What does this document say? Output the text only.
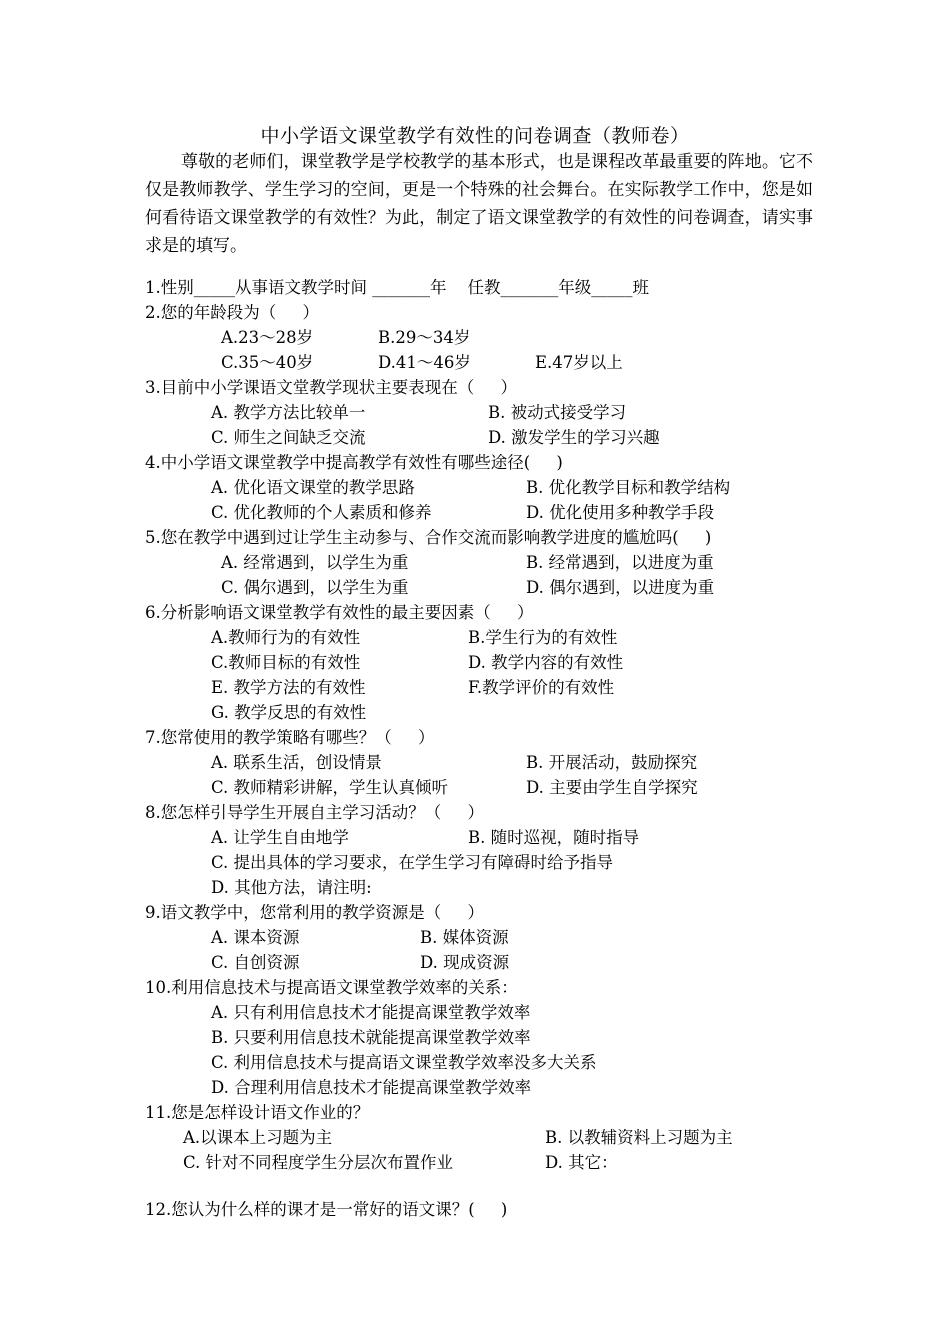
中小学语文课堂教学有效性的问卷调查（教师卷）
尊敬的老师们，课堂教学是学校教学的基本形式，也是课程改革最重要的阵地。它不仅是教师教学、学生学习的空间，更是一个特殊的社会舞台。在实际教学工作中，您是如何看待语文课堂教学的有效性？为此，制定了语文课堂教学的有效性的问卷调查，请实事求是的填写。
1.性别_____从事语文教学时间 _______年    任教_______年级_____班
2.您的年龄段为（     ）
A.23～28岁	B.29～34岁
C.35～40岁	D.41～46岁	E.47岁以上
3.目前中小学课语文堂教学现状主要表现在（     ）
A. 教学方法比较单一	B. 被动式接受学习
C. 师生之间缺乏交流	D. 激发学生的学习兴趣
4.中小学语文课堂教学中提高教学有效性有哪些途径(     )
A. 优化语文课堂的教学思路	B. 优化教学目标和教学结构
C. 优化教师的个人素质和修养	D. 优化使用多种教学手段
5.您在教学中遇到过让学生主动参与、合作交流而影响教学进度的尴尬吗(     )
A. 经常遇到，以学生为重	B. 经常遇到，以进度为重
C. 偶尔遇到，以学生为重	D. 偶尔遇到，以进度为重
6.分析影响语文课堂教学有效性的最主要因素（     ）
A.教师行为的有效性	B.学生行为的有效性
C.教师目标的有效性	D. 教学内容的有效性
E. 教学方法的有效性	F.教学评价的有效性
G. 教学反思的有效性
7.您常使用的教学策略有哪些？（     ）
A. 联系生活，创设情景	B. 开展活动，鼓励探究
C. 教师精彩讲解，学生认真倾听	D. 主要由学生自学探究
8.您怎样引导学生开展自主学习活动？（     ）
A. 让学生自由地学	B. 随时巡视，随时指导
C. 提出具体的学习要求，在学生学习有障碍时给予指导
D. 其他方法，请注明:
9.语文教学中，您常利用的教学资源是（     ）
A. 课本资源	B. 媒体资源
C. 自创资源	D. 现成资源
10.利用信息技术与提高语文课堂教学效率的关系：
A. 只有利用信息技术才能提高课堂教学效率
B. 只要利用信息技术就能提高课堂教学效率
C. 利用信息技术与提高语文课堂教学效率没多大关系
D. 合理利用信息技术才能提高课堂教学效率
11.您是怎样设计语文作业的？
A.以课本上习题为主	B. 以教辅资料上习题为主
C. 针对不同程度学生分层次布置作业	D. 其它：
12.您认为什么样的课才是一常好的语文课？(     )
